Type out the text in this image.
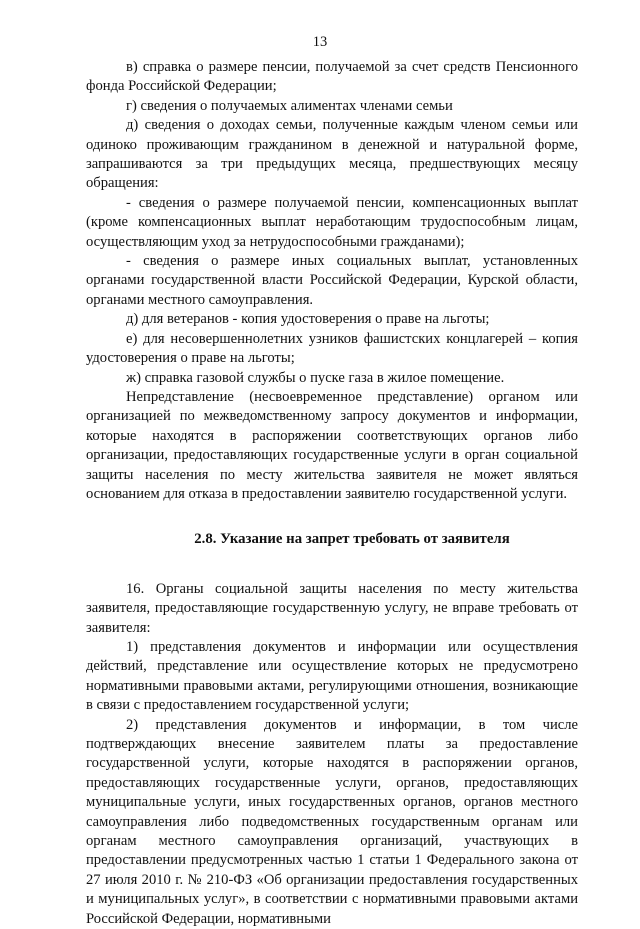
13

в) справка о размере пенсии, получаемой за счет средств Пенсионного фонда Российской Федерации;

г) сведения о получаемых алиментах членами семьи

д) сведения о доходах семьи, полученные каждым членом семьи или одиноко проживающим гражданином в денежной и натуральной форме, запрашиваются за три предыдущих месяца, предшествующих месяцу обращения:

- сведения о размере получаемой пенсии, компенсационных выплат (кроме компенсационных выплат неработающим трудоспособным лицам, осуществляющим уход за нетрудоспособными гражданами);

- сведения о размере иных социальных выплат, установленных органами государственной власти Российской Федерации, Курской области, органами местного самоуправления.

д) для ветеранов - копия удостоверения о праве на льготы;

е) для несовершеннолетних узников фашистских концлагерей – копия удостоверения о праве на льготы;

ж) справка газовой службы о пуске газа в жилое помещение.

Непредставление (несвоевременное представление) органом или организацией по межведомственному запросу документов и информации, которые находятся в распоряжении соответствующих органов либо организации, предоставляющих государственные услуги в орган социальной защиты населения по месту жительства заявителя не может являться основанием для отказа в предоставлении заявителю государственной услуги.

2.8. Указание на запрет требовать от заявителя

16. Органы социальной защиты населения по месту жительства заявителя, предоставляющие государственную услугу, не вправе требовать от заявителя:

1) представления документов и информации или осуществления действий, представление или осуществление которых не предусмотрено нормативными правовыми актами, регулирующими отношения, возникающие в связи с предоставлением государственной услуги;

2) представления документов и информации, в том числе подтверждающих внесение заявителем платы за предоставление государственной услуги, которые находятся в распоряжении органов, предоставляющих государственные услуги, органов, предоставляющих муниципальные услуги, иных государственных органов, органов местного самоуправления либо подведомственных государственным органам или органам местного самоуправления организаций, участвующих в предоставлении предусмотренных частью 1 статьи 1 Федерального закона от 27 июля 2010 г. № 210-ФЗ «Об организации предоставления государственных и муниципальных услуг», в соответствии с нормативными правовыми актами Российской Федерации, нормативными
